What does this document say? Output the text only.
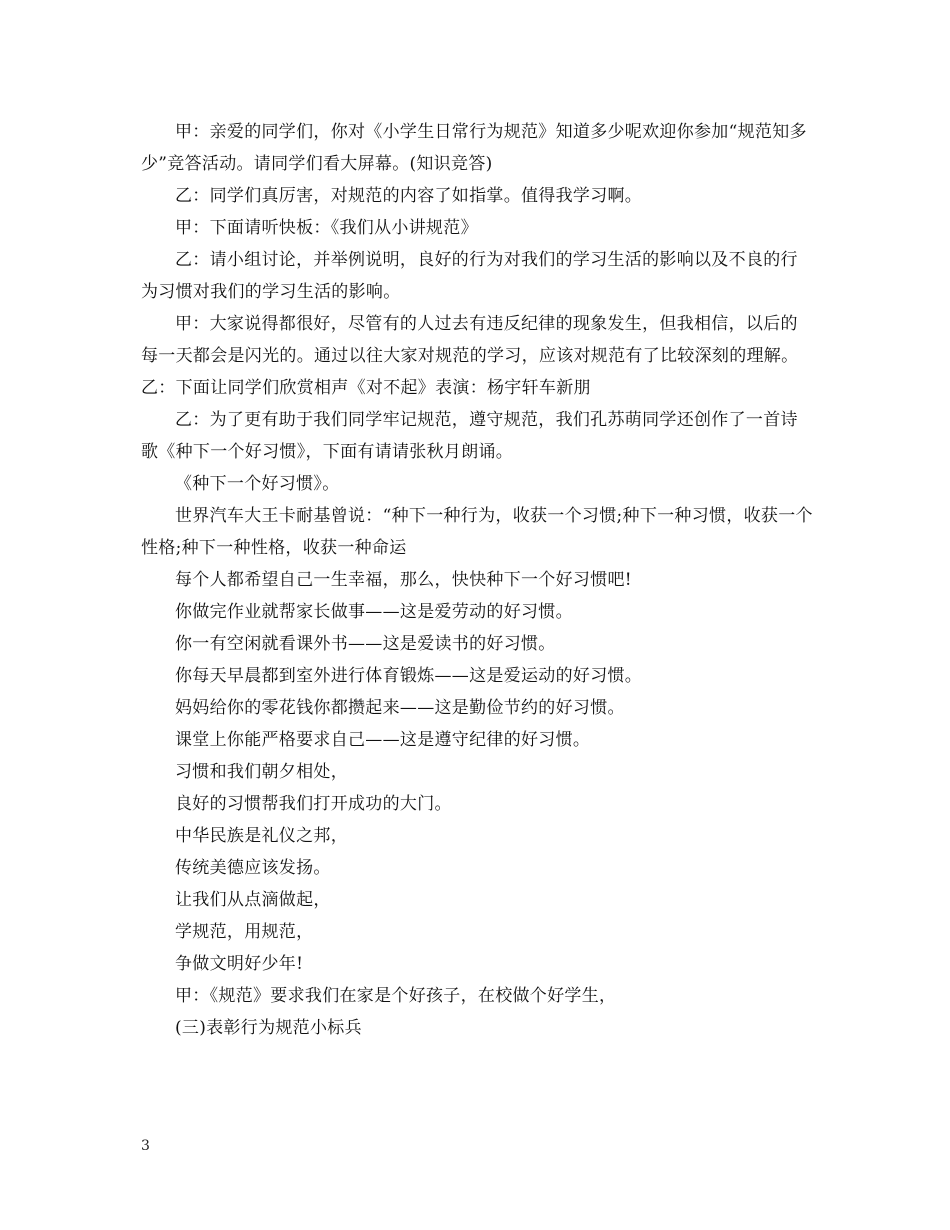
甲：亲爱的同学们，你对《小学生日常行为规范》知道多少呢欢迎你参加“规范知多少”竞答活动。请同学们看大屏幕。(知识竞答)

乙：同学们真厉害，对规范的内容了如指掌。值得我学习啊。

甲：下面请听快板：《我们从小讲规范》

乙：请小组讨论，并举例说明，良好的行为对我们的学习生活的影响以及不良的行为习惯对我们的学习生活的影响。

甲：大家说得都很好，尽管有的人过去有违反纪律的现象发生，但我相信，以后的每一天都会是闪光的。通过以往大家对规范的学习，应该对规范有了比较深刻的理解。 乙：下面让同学们欣赏相声《对不起》表演：杨宇轩车新朋

乙：为了更有助于我们同学牢记规范，遵守规范，我们孔苏萌同学还创作了一首诗歌《种下一个好习惯》，下面有请请张秋月朗诵。

《种下一个好习惯》。

世界汽车大王卡耐基曾说：“种下一种行为，收获一个习惯;种下一种习惯，收获一个性格;种下一种性格，收获一种命运

每个人都希望自己一生幸福，那么，快快种下一个好习惯吧!

你做完作业就帮家长做事——这是爱劳动的好习惯。

你一有空闲就看课外书——这是爱读书的好习惯。

你每天早晨都到室外进行体育锻炼——这是爱运动的好习惯。

妈妈给你的零花钱你都攒起来——这是勤俭节约的好习惯。

课堂上你能严格要求自己——这是遵守纪律的好习惯。

习惯和我们朝夕相处，

良好的习惯帮我们打开成功的大门。

中华民族是礼仪之邦，

传统美德应该发扬。

让我们从点滴做起，

学规范，用规范，

争做文明好少年!

甲：《规范》要求我们在家是个好孩子，在校做个好学生，

(三)表彰行为规范小标兵

3
